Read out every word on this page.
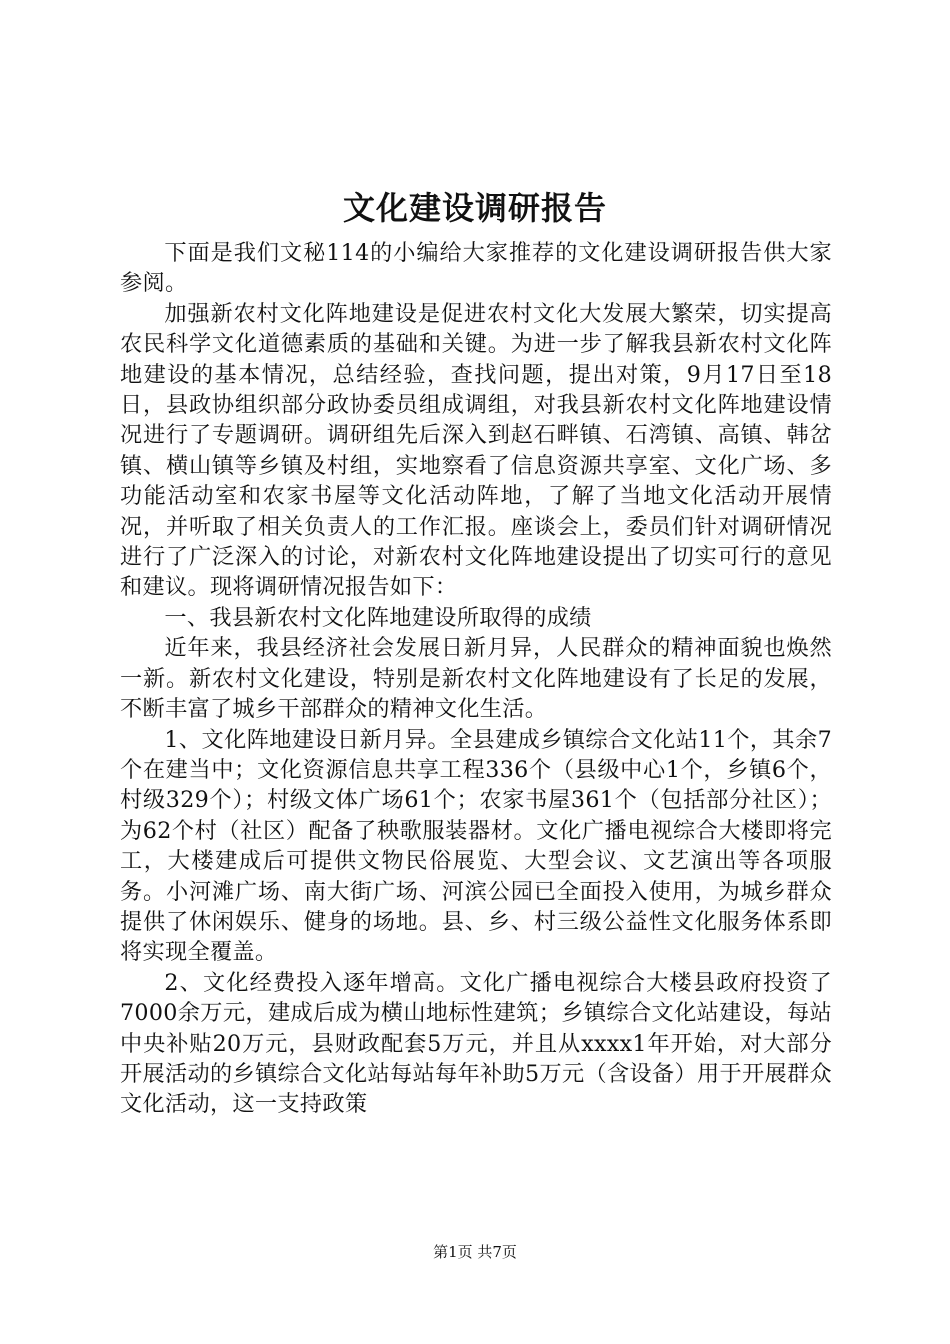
文化建设调研报告

下面是我们文秘114的小编给大家推荐的文化建设调研报告供大家参阅。

加强新农村文化阵地建设是促进农村文化大发展大繁荣，切实提高农民科学文化道德素质的基础和关键。为进一步了解我县新农村文化阵地建设的基本情况，总结经验，查找问题，提出对策，9月17日至18日，县政协组织部分政协委员组成调组，对我县新农村文化阵地建设情况进行了专题调研。调研组先后深入到赵石畔镇、石湾镇、高镇、韩岔镇、横山镇等乡镇及村组，实地察看了信息资源共享室、文化广场、多功能活动室和农家书屋等文化活动阵地，了解了当地文化活动开展情况，并听取了相关负责人的工作汇报。座谈会上，委员们针对调研情况进行了广泛深入的讨论，对新农村文化阵地建设提出了切实可行的意见和建议。现将调研情况报告如下：

一、我县新农村文化阵地建设所取得的成绩

近年来，我县经济社会发展日新月异，人民群众的精神面貌也焕然一新。新农村文化建设，特别是新农村文化阵地建设有了长足的发展，不断丰富了城乡干部群众的精神文化生活。

1、文化阵地建设日新月异。全县建成乡镇综合文化站11个，其余7个在建当中；文化资源信息共享工程336个（县级中心1个，乡镇6个，村级329个）；村级文体广场61个；农家书屋361个（包括部分社区）；为62个村（社区）配备了秧歌服装器材。文化广播电视综合大楼即将完工，大楼建成后可提供文物民俗展览、大型会议、文艺演出等各项服务。小河滩广场、南大街广场、河滨公园已全面投入使用，为城乡群众提供了休闲娱乐、健身的场地。县、乡、村三级公益性文化服务体系即将实现全覆盖。

2、文化经费投入逐年增高。文化广播电视综合大楼县政府投资了7000余万元，建成后成为横山地标性建筑；乡镇综合文化站建设，每站中央补贴20万元，县财政配套5万元，并且从xxxx1年开始，对大部分开展活动的乡镇综合文化站每站每年补助5万元（含设备）用于开展群众文化活动，这一支持政策

第1页 共7页
